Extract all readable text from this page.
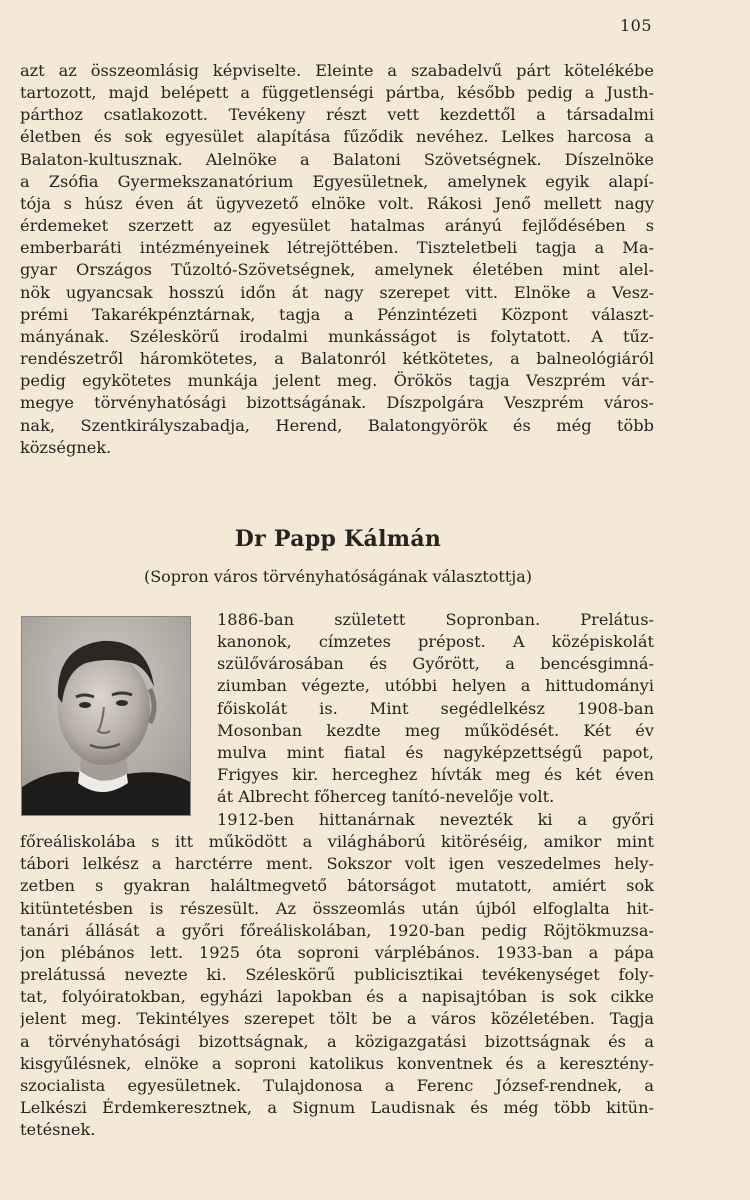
105
azt az összeomlásig képviselte. Eleinte a szabadelvű párt kötelékébe
tartozott, majd belépett a függetlenségi pártba, később pedig a Justh-
párthoz csatlakozott. Tevékeny részt vett kezdettől a társadalmi
életben és sok egyesület alapítása fűződik nevéhez. Lelkes harcosa a
Balaton-kultusznak. Alelnöke a Balatoni Szövetségnek. Díszelnöke
a Zsófia Gyermekszanatórium Egyesületnek, amelynek egyik alapí-
tója s húsz éven át ügyvezető elnöke volt. Rákosi Jenő mellett nagy
érdemeket szerzett az egyesület hatalmas arányú fejlődésében s
emberbaráti intézményeinek létrejöttében. Tiszteletbeli tagja a Ma-
gyar Országos Tűzoltó-Szövetségnek, amelynek életében mint alel-
nök ugyancsak hosszú időn át nagy szerepet vitt. Elnöke a Vesz-
prémi Takarékpénztárnak, tagja a Pénzintézeti Központ választ-
mányának. Széleskörű irodalmi munkásságot is folytatott. A tűz-
rendészetről háromkötetes, a Balatonról kétkötetes, a balneológiáról
pedig egykötetes munkája jelent meg. Örökös tagja Veszprém vár-
megye törvényhatósági bizottságának. Díszpolgára Veszprém város-
nak, Szentkirályszabadja, Herend, Balatongyörök és még több
községnek.
Dr Papp Kálmán

(Sopron város törvényhatóságának választottja)

1886-ban született Sopronban. Prelátus-
kanonok, címzetes prépost. A középiskolát
szülővárosában és Győrött, a bencésgimná-
ziumban végezte, utóbbi helyen a hittudományi
főiskolát is. Mint segédlelkész 1908-ban
Mosonban kezdte meg működését. Két év
mulva mint fiatal és nagyképzettségű papot,
Frigyes kir. herceghez hívták meg és két éven
át Albrecht főherceg tanító-nevelője volt.
1912-ben hittanárnak nevezték ki a győri
főreáliskolába s itt működött a világháború kitöréséig, amikor mint
tábori lelkész a harctérre ment. Sokszor volt igen veszedelmes hely-
zetben s gyakran haláltmegvető bátorságot mutatott, amiért sok
kitüntetésben is részesült. Az összeomlás után újból elfoglalta hit-
tanári állását a győri főreáliskolában, 1920-ban pedig Röjtökmuzsa-
jon plébános lett. 1925 óta soproni várplébános. 1933-ban a pápa
prelátussá nevezte ki. Széleskörű publicisztikai tevékenységet foly-
tat, folyóiratokban, egyházi lapokban és a napisajtóban is sok cikke
jelent meg. Tekintélyes szerepet tölt be a város közéletében. Tagja
a törvényhatósági bizottságnak, a közigazgatási bizottságnak és a
kisgyűlésnek, elnöke a soproni katolikus konventnek és a keresztény-
szocialista egyesületnek. Tulajdonosa a Ferenc József-rendnek, a
Lelkészi Érdemkeresztnek, a Signum Laudisnak és még több kitün-
tetésnek.
